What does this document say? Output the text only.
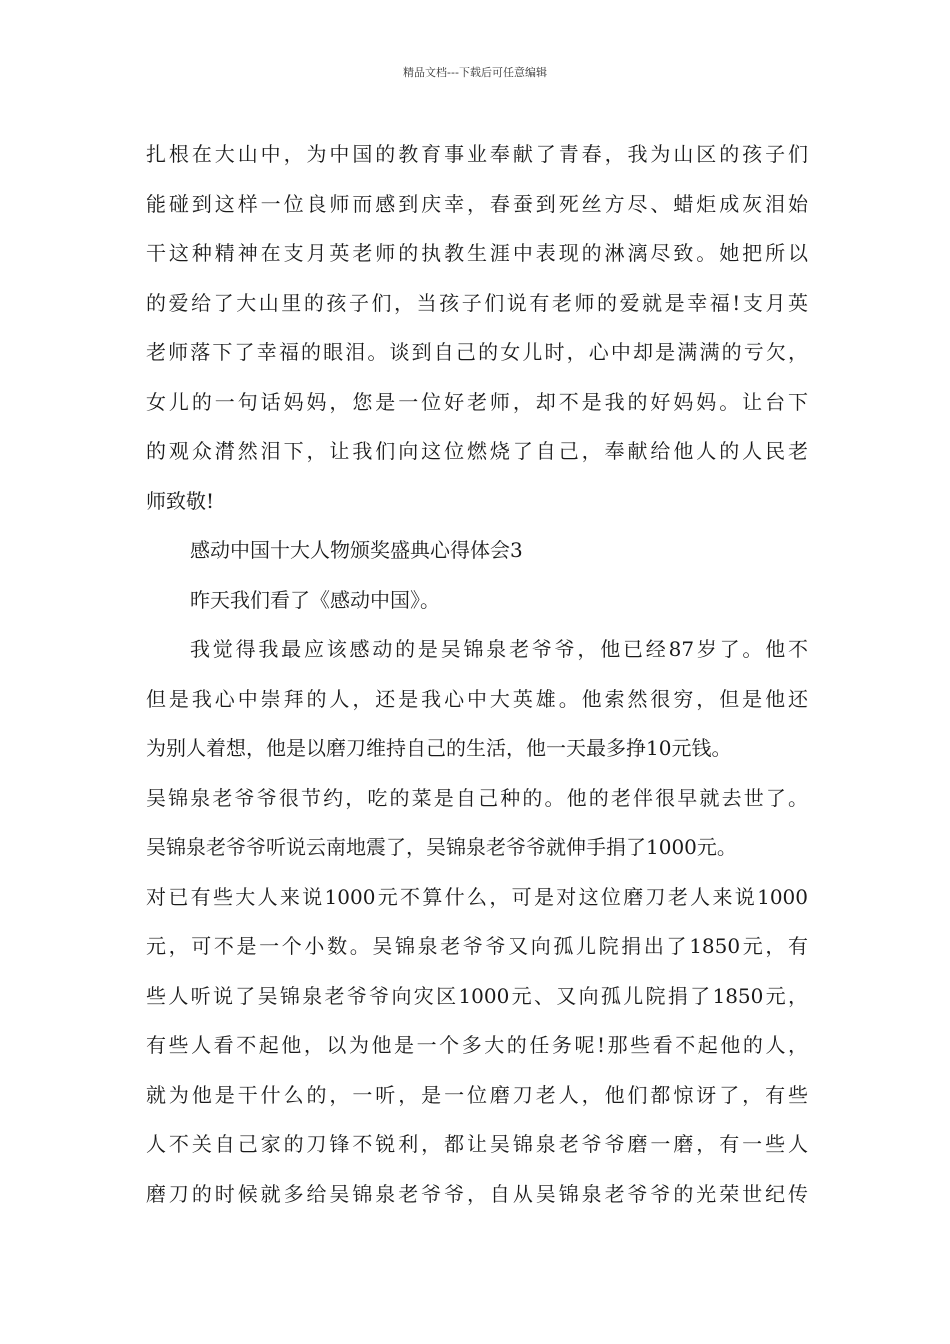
精品文档---下载后可任意编辑
扎根在大山中，为中国的教育事业奉献了青春，我为山区的孩子们
能碰到这样一位良师而感到庆幸，春蚕到死丝方尽、蜡炬成灰泪始
干这种精神在支月英老师的执教生涯中表现的淋漓尽致。她把所以
的爱给了大山里的孩子们，当孩子们说有老师的爱就是幸福!支月英
老师落下了幸福的眼泪。谈到自己的女儿时，心中却是满满的亏欠，
女儿的一句话妈妈，您是一位好老师，却不是我的好妈妈。让台下
的观众潸然泪下，让我们向这位燃烧了自己，奉献给他人的人民老
师致敬!
感动中国十大人物颁奖盛典心得体会3
昨天我们看了《感动中国》。
我觉得我最应该感动的是吴锦泉老爷爷，他已经87岁了。他不
但是我心中崇拜的人，还是我心中大英雄。他索然很穷，但是他还
为别人着想，他是以磨刀维持自己的生活，他一天最多挣10元钱。
吴锦泉老爷爷很节约，吃的菜是自己种的。他的老伴很早就去世了。
吴锦泉老爷爷听说云南地震了，吴锦泉老爷爷就伸手捐了1000元。
对已有些大人来说1000元不算什么，可是对这位磨刀老人来说1000
元，可不是一个小数。吴锦泉老爷爷又向孤儿院捐出了1850元，有
些人听说了吴锦泉老爷爷向灾区1000元、又向孤儿院捐了1850元，
有些人看不起他，以为他是一个多大的任务呢!那些看不起他的人，
就为他是干什么的，一听，是一位磨刀老人，他们都惊讶了，有些
人不关自己家的刀锋不锐利，都让吴锦泉老爷爷磨一磨，有一些人
磨刀的时候就多给吴锦泉老爷爷，自从吴锦泉老爷爷的光荣世纪传
